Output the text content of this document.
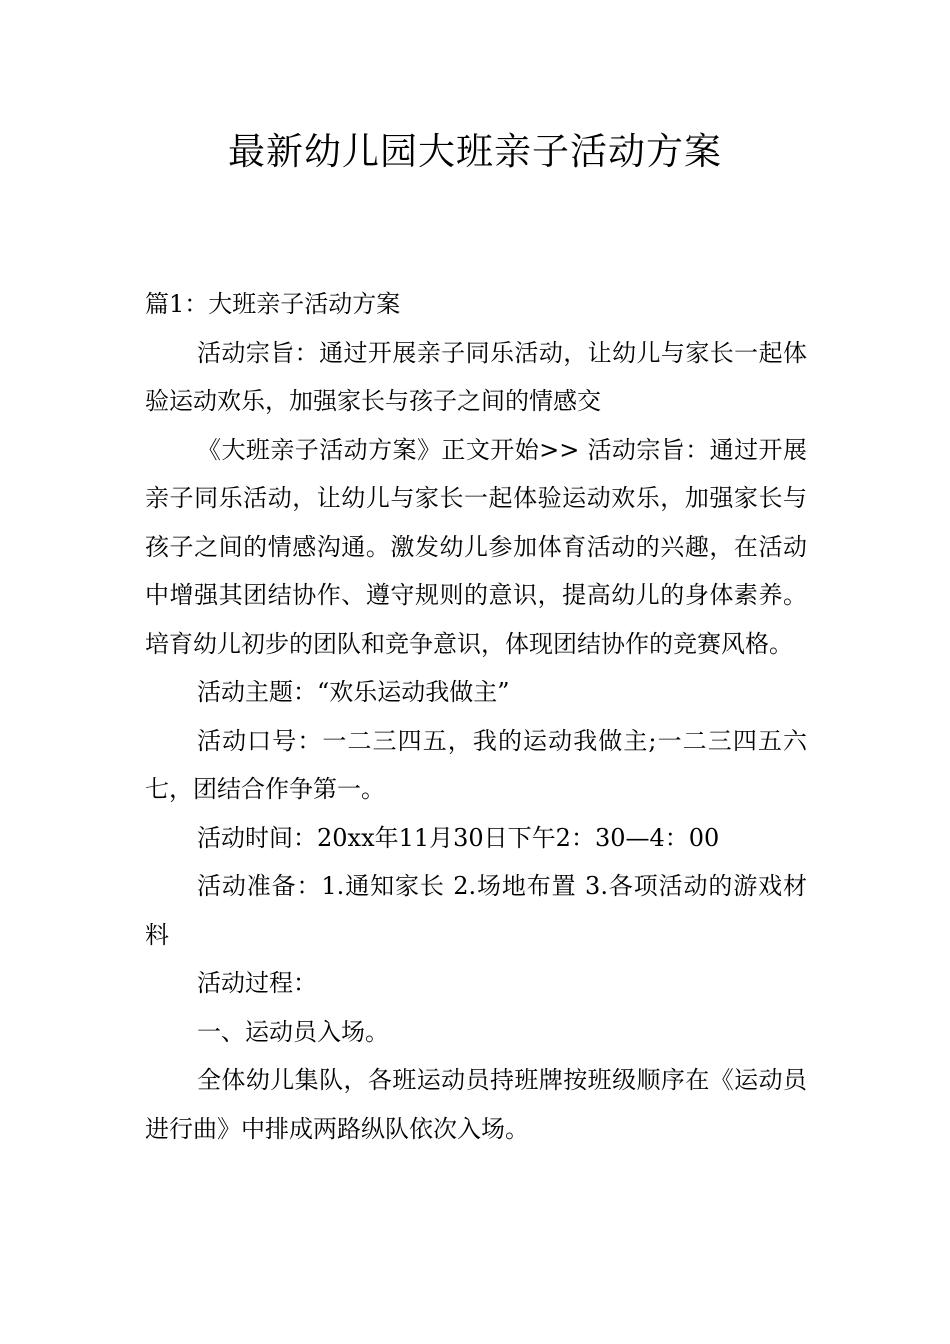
最新幼儿园大班亲子活动方案

篇1：大班亲子活动方案

活动宗旨：通过开展亲子同乐活动，让幼儿与家长一起体验运动欢乐，加强家长与孩子之间的情感交

《大班亲子活动方案》正文开始>> 活动宗旨：通过开展亲子同乐活动，让幼儿与家长一起体验运动欢乐，加强家长与孩子之间的情感沟通。激发幼儿参加体育活动的兴趣，在活动中增强其团结协作、遵守规则的意识，提高幼儿的身体素养。培育幼儿初步的团队和竞争意识，体现团结协作的竞赛风格。

活动主题：“欢乐运动我做主”

活动口号：一二三四五，我的运动我做主;一二三四五六七，团结合作争第一。

活动时间：20xx年11月30日下午2：30—4：00

活动准备：1.通知家长 2.场地布置 3.各项活动的游戏材料

活动过程：

一、运动员入场。

全体幼儿集队，各班运动员持班牌按班级顺序在《运动员进行曲》中排成两路纵队依次入场。
